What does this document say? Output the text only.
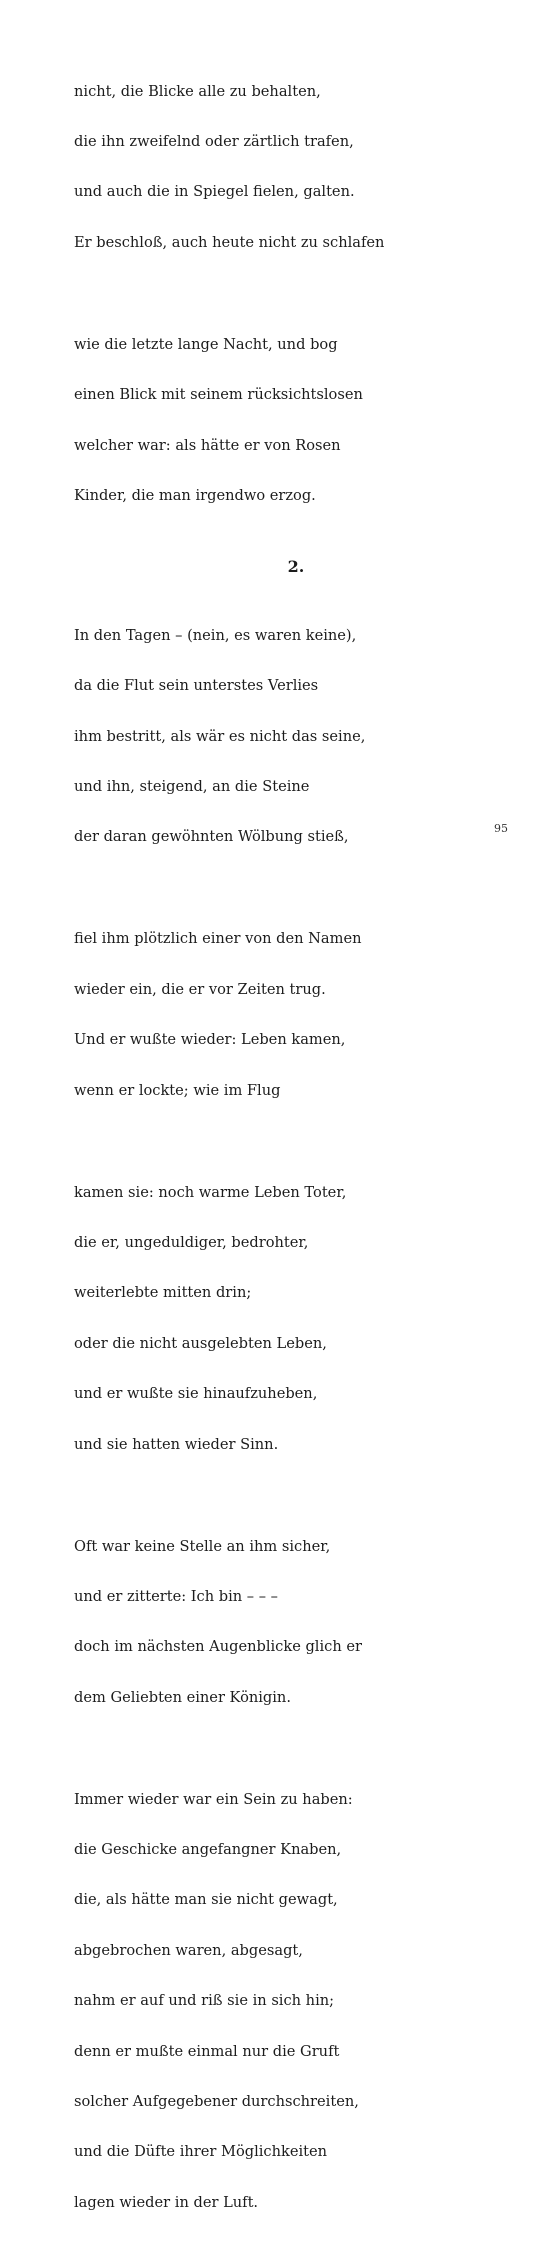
nicht, die Blicke alle zu behalten,

die ihn zweifelnd oder zärtlich trafen,

und auch die in Spiegel fielen, galten.

Er beschloß, auch heute nicht zu schlafen

wie die letzte lange Nacht, und bog

einen Blick mit seinem rücksichtslosen

welcher war: als hätte er von Rosen

Kinder, die man irgendwo erzog.

2.

In den Tagen – (nein, es waren keine),

da die Flut sein unterstes Verlies

ihm bestritt, als wär es nicht das seine,

und ihn, steigend, an die Steine

der daran gewöhnten Wölbung stieß,

fiel ihm plötzlich einer von den Namen

wieder ein, die er vor Zeiten trug.

Und er wußte wieder: Leben kamen,

wenn er lockte; wie im Flug

kamen sie: noch warme Leben Toter,

die er, ungeduldiger, bedrohter,

weiterlebte mitten drin;

oder die nicht ausgelebten Leben,

und er wußte sie hinaufzuheben,

und sie hatten wieder Sinn.

Oft war keine Stelle an ihm sicher,

und er zitterte: Ich bin – – –

doch im nächsten Augenblicke glich er

dem Geliebten einer Königin.

Immer wieder war ein Sein zu haben:

die Geschicke angefangner Knaben,

die, als hätte man sie nicht gewagt,

abgebrochen waren, abgesagt,

nahm er auf und riß sie in sich hin;

denn er mußte einmal nur die Gruft

solcher Aufgegebener durchschreiten,

und die Düfte ihrer Möglichkeiten

lagen wieder in der Luft.

95
